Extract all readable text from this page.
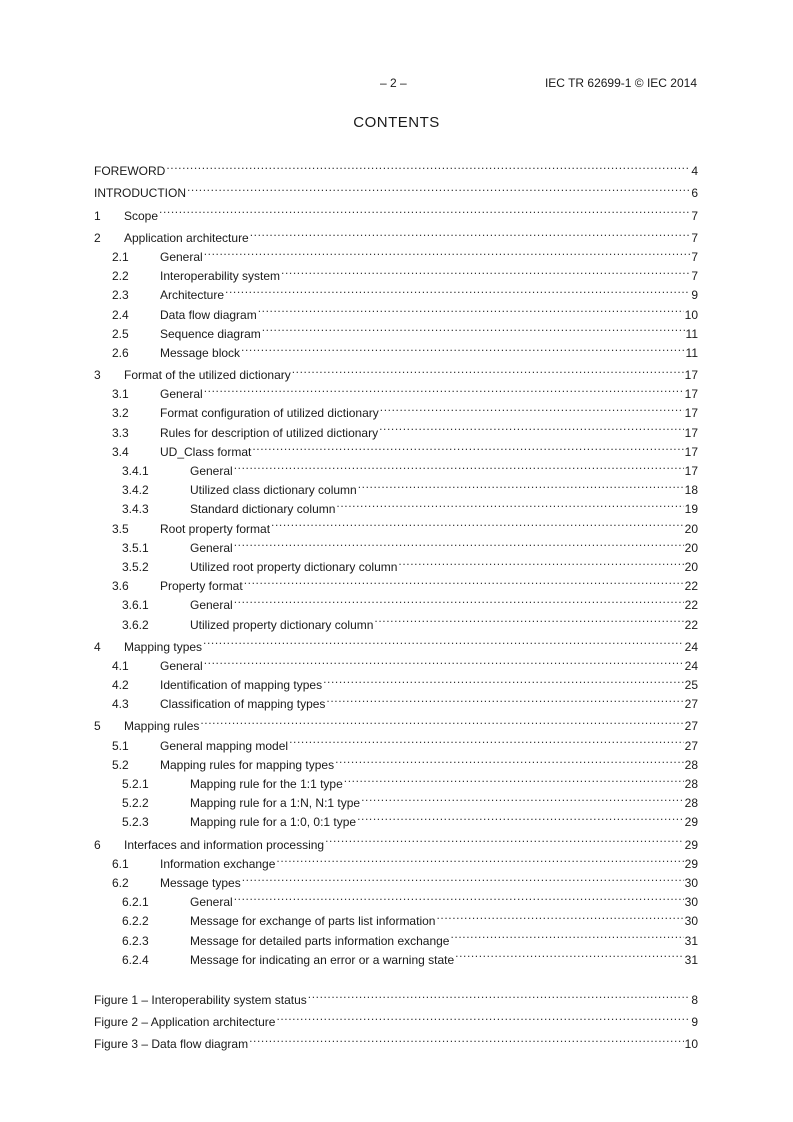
– 2 –	IEC TR 62699-1 © IEC 2014
CONTENTS
FOREWORD .....	4
INTRODUCTION .....	6
1	Scope .....	7
2	Application architecture .....	7
2.1	General .....	7
2.2	Interoperability system .....	7
2.3	Architecture .....	9
2.4	Data flow diagram .....	10
2.5	Sequence diagram .....	11
2.6	Message block .....	11
3	Format of the utilized dictionary .....	17
3.1	General .....	17
3.2	Format configuration of utilized dictionary .....	17
3.3	Rules for description of utilized dictionary .....	17
3.4	UD_Class format .....	17
3.4.1	General .....	17
3.4.2	Utilized class dictionary column .....	18
3.4.3	Standard dictionary column .....	19
3.5	Root property format .....	20
3.5.1	General .....	20
3.5.2	Utilized root property dictionary column .....	20
3.6	Property format .....	22
3.6.1	General .....	22
3.6.2	Utilized property dictionary column .....	22
4	Mapping types .....	24
4.1	General .....	24
4.2	Identification of mapping types .....	25
4.3	Classification of mapping types .....	27
5	Mapping rules .....	27
5.1	General mapping model .....	27
5.2	Mapping rules for mapping types .....	28
5.2.1	Mapping rule for the 1:1 type .....	28
5.2.2	Mapping rule for a 1:N, N:1 type .....	28
5.2.3	Mapping rule for a 1:0, 0:1 type .....	29
6	Interfaces and information processing .....	29
6.1	Information exchange .....	29
6.2	Message types .....	30
6.2.1	General .....	30
6.2.2	Message for exchange of parts list information .....	30
6.2.3	Message for detailed parts information exchange .....	31
6.2.4	Message for indicating an error or a warning state .....	31
Figure 1 – Interoperability system status .....	8
Figure 2 – Application architecture .....	9
Figure 3 – Data flow diagram .....	10
